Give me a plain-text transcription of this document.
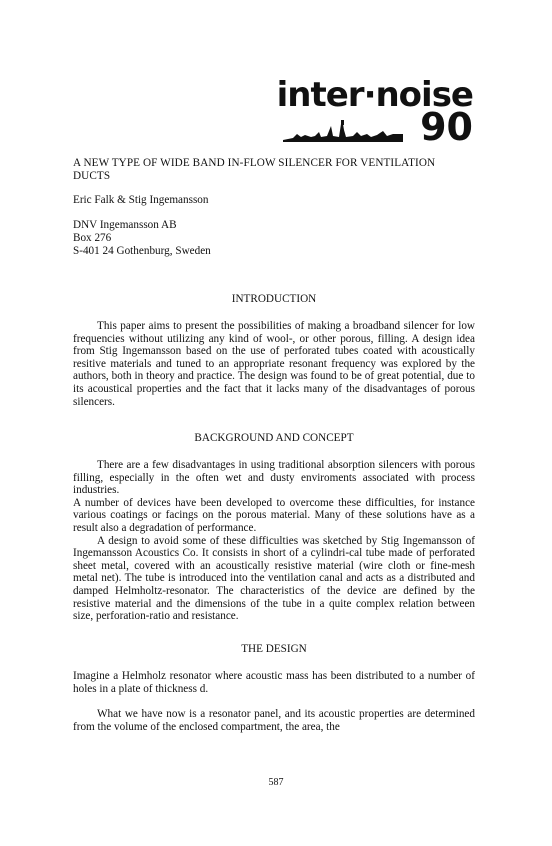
inter·noise
90
A NEW TYPE OF WIDE BAND IN-FLOW SILENCER FOR VENTILATION DUCTS
Eric Falk & Stig Ingemansson
DNV Ingemansson AB
Box 276
S-401 24 Gothenburg, Sweden
INTRODUCTION

This paper aims to present the possibilities of making a broadband silencer for low frequencies without utilizing any kind of wool-, or other porous, filling. A design idea from Stig Ingemansson based on the use of perforated tubes coated with acoustically resitive materials and tuned to an appropriate resonant frequency was explored by the authors, both in theory and practice. The design was found to be of great potential, due to its acoustical properties and the fact that it lacks many of the disadvantages of porous silencers.

BACKGROUND AND CONCEPT

There are a few disadvantages in using traditional absorption silencers with porous filling, especially in the often wet and dusty enviroments associated with process industries.

A number of devices have been developed to overcome these difficulties, for instance various coatings or facings on the porous material. Many of these solutions have as a result also a degradation of performance.

A design to avoid some of these difficulties was sketched by Stig Ingemansson of Ingemansson Acoustics Co. It consists in short of a cylindri-cal tube made of perforated sheet metal, covered with an acoustically resistive material (wire cloth or fine-mesh metal net). The tube is introduced into the ventilation canal and acts as a distributed and damped Helmholtz-resonator. The characteristics of the device are defined by the resistive material and the dimensions of the tube in a quite complex relation between size, perforation-ratio and resistance.

THE DESIGN

Imagine a Helmholz resonator where acoustic mass has been distributed to a number of holes in a plate of thickness d.

What we have now is a resonator panel, and its acoustic properties are determined from the volume of the enclosed compartment, the area, the

587
